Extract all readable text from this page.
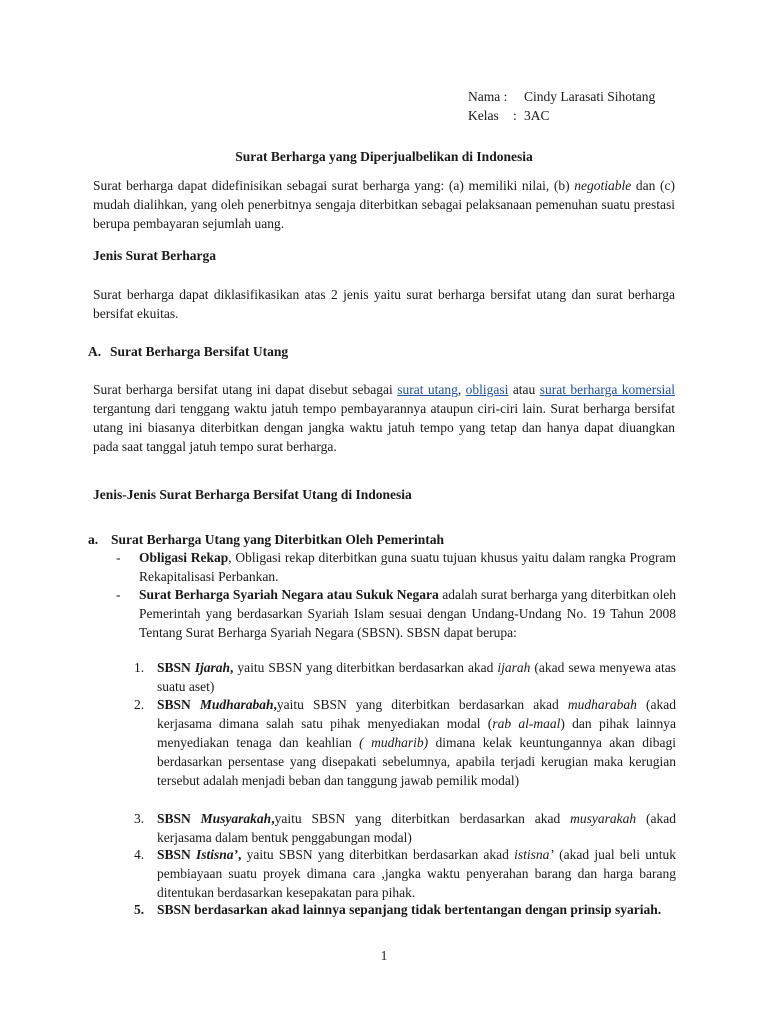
Nama :	Cindy Larasati Sihotang
Kelas	: 3AC
Surat Berharga yang Diperjualbelikan di Indonesia
Surat berharga dapat didefinisikan sebagai surat berharga yang: (a) memiliki nilai, (b) negotiable dan (c) mudah dialihkan, yang oleh penerbitnya sengaja diterbitkan sebagai pelaksanaan pemenuhan suatu prestasi berupa pembayaran sejumlah uang.
Jenis Surat Berharga
Surat berharga dapat diklasifikasikan atas 2 jenis yaitu surat berharga bersifat utang dan surat berharga bersifat ekuitas.
A. Surat Berharga Bersifat Utang
Surat berharga bersifat utang ini dapat disebut sebagai surat utang, obligasi atau surat berharga komersial tergantung dari tenggang waktu jatuh tempo pembayarannya ataupun ciri-ciri lain. Surat berharga bersifat utang ini biasanya diterbitkan dengan jangka waktu jatuh tempo yang tetap dan hanya dapat diuangkan pada saat tanggal jatuh tempo surat berharga.
Jenis-Jenis Surat Berharga Bersifat Utang di Indonesia
a. Surat Berharga Utang yang Diterbitkan Oleh Pemerintah
- Obligasi Rekap, Obligasi rekap diterbitkan guna suatu tujuan khusus yaitu dalam rangka Program Rekapitalisasi Perbankan.
- Surat Berharga Syariah Negara atau Sukuk Negara adalah surat berharga yang diterbitkan oleh Pemerintah yang berdasarkan Syariah Islam sesuai dengan Undang-Undang No. 19 Tahun 2008 Tentang Surat Berharga Syariah Negara (SBSN). SBSN dapat berupa:
1. SBSN Ijarah, yaitu SBSN yang diterbitkan berdasarkan akad ijarah (akad sewa menyewa atas suatu aset)
2. SBSN Mudharabah,yaitu SBSN yang diterbitkan berdasarkan akad mudharabah (akad kerjasama dimana salah satu pihak menyediakan modal (rab al-maal) dan pihak lainnya menyediakan tenaga dan keahlian ( mudharib) dimana kelak keuntungannya akan dibagi berdasarkan persentase yang disepakati sebelumnya, apabila terjadi kerugian maka kerugian tersebut adalah menjadi beban dan tanggung jawab pemilik modal)
3. SBSN Musyarakah,yaitu SBSN yang diterbitkan berdasarkan akad musyarakah (akad kerjasama dalam bentuk penggabungan modal)
4. SBSN Istisna’, yaitu SBSN yang diterbitkan berdasarkan akad istisna’ (akad jual beli untuk pembiayaan suatu proyek dimana cara ,jangka waktu penyerahan barang dan harga barang ditentukan berdasarkan kesepakatan para pihak.
5. SBSN berdasarkan akad lainnya sepanjang tidak bertentangan dengan prinsip syariah.
1
